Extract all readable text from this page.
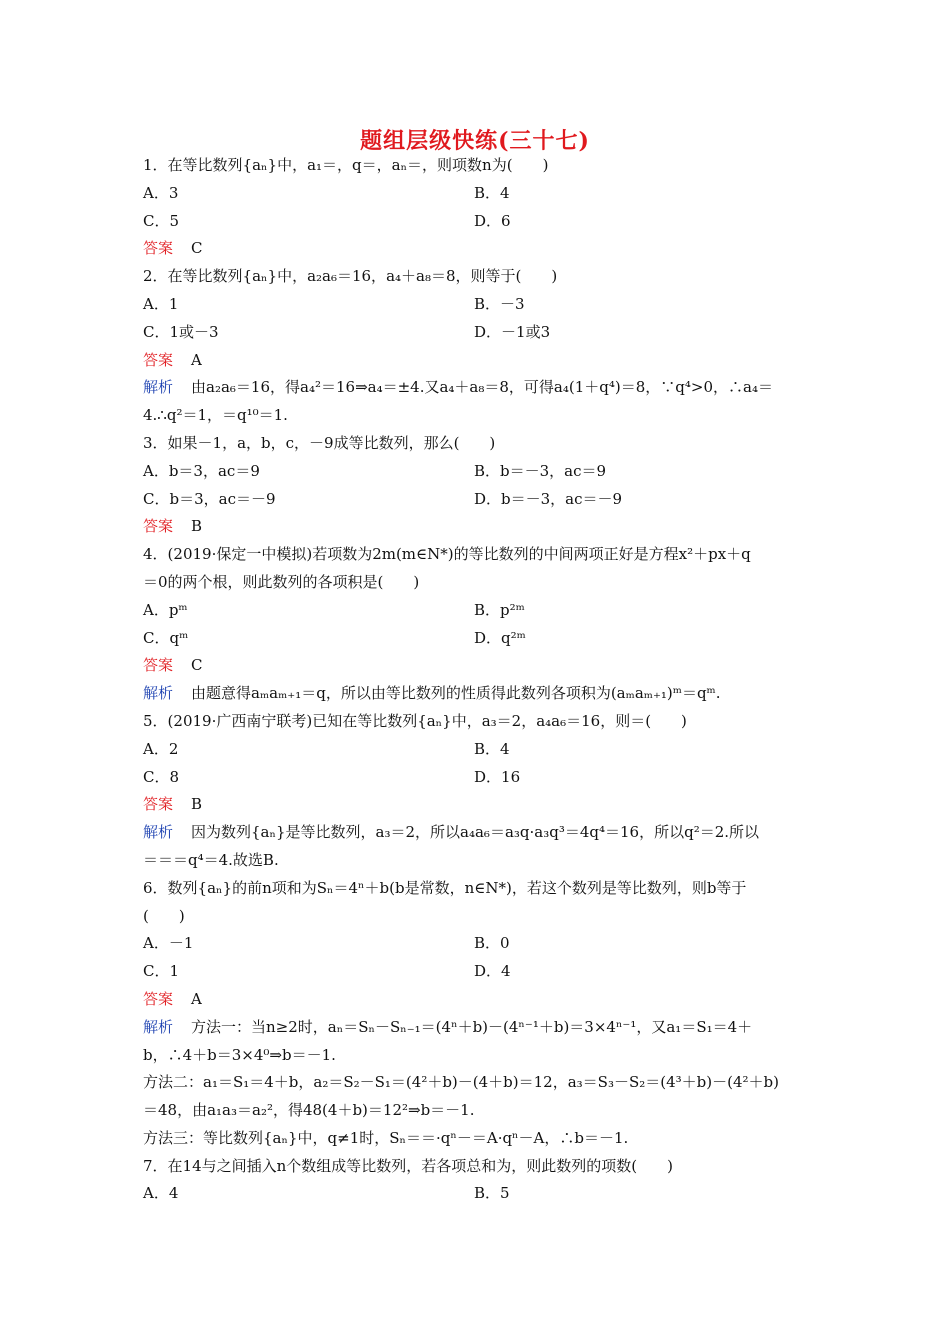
题组层级快练(三十七)
1．在等比数列{aₙ}中，a₁＝，q＝，aₙ＝，则项数n为(　　)
A．3	B．4
C．5	D．6
答案 C
2．在等比数列{aₙ}中，a₂a₆＝16，a₄＋a₈＝8，则等于(　　)
A．1	B．－3
C．1或－3	D．－1或3
答案 A
解析 由a₂a₆＝16，得a₄²＝16⇒a₄＝±4.又a₄＋a₈＝8，可得a₄(1＋q⁴)＝8，∵q⁴>0，∴a₄＝
4.∴q²＝1，＝q¹⁰＝1.
3．如果－1，a，b，c，－9成等比数列，那么(　　)
A．b＝3，ac＝9	B．b＝－3，ac＝9
C．b＝3，ac＝－9	D．b＝－3，ac＝－9
答案 B
4．(2019·保定一中模拟)若项数为2m(m∈N*)的等比数列的中间两项正好是方程x²＋px＋q
＝0的两个根，则此数列的各项积是(　　)
A．pᵐ	B．p²ᵐ
C．qᵐ	D．q²ᵐ
答案 C
解析 由题意得aₘaₘ₊₁＝q，所以由等比数列的性质得此数列各项积为(aₘaₘ₊₁)ᵐ＝qᵐ.
5．(2019·广西南宁联考)已知在等比数列{aₙ}中，a₃＝2，a₄a₆＝16，则＝(　　)
A．2	B．4
C．8	D．16
答案 B
解析 因为数列{aₙ}是等比数列，a₃＝2，所以a₄a₆＝a₃q·a₃q³＝4q⁴＝16，所以q²＝2.所以
＝＝＝q⁴＝4.故选B.
6．数列{aₙ}的前n项和为Sₙ＝4ⁿ＋b(b是常数，n∈N*)，若这个数列是等比数列，则b等于
(　　)
A．－1	B．0
C．1	D．4
答案 A
解析 方法一：当n≥2时，aₙ＝Sₙ－Sₙ₋₁＝(4ⁿ＋b)－(4ⁿ⁻¹＋b)＝3×4ⁿ⁻¹，又a₁＝S₁＝4＋
b，∴4＋b＝3×4⁰⇒b＝－1.
方法二：a₁＝S₁＝4＋b，a₂＝S₂－S₁＝(4²＋b)－(4＋b)＝12，a₃＝S₃－S₂＝(4³＋b)－(4²＋b)
＝48，由a₁a₃＝a₂²，得48(4＋b)＝12²⇒b＝－1.
方法三：等比数列{aₙ}中，q≠1时，Sₙ＝＝·qⁿ－＝A·qⁿ－A，∴b＝－1.
7．在14与之间插入n个数组成等比数列，若各项总和为，则此数列的项数(　　)
A．4	B．5
